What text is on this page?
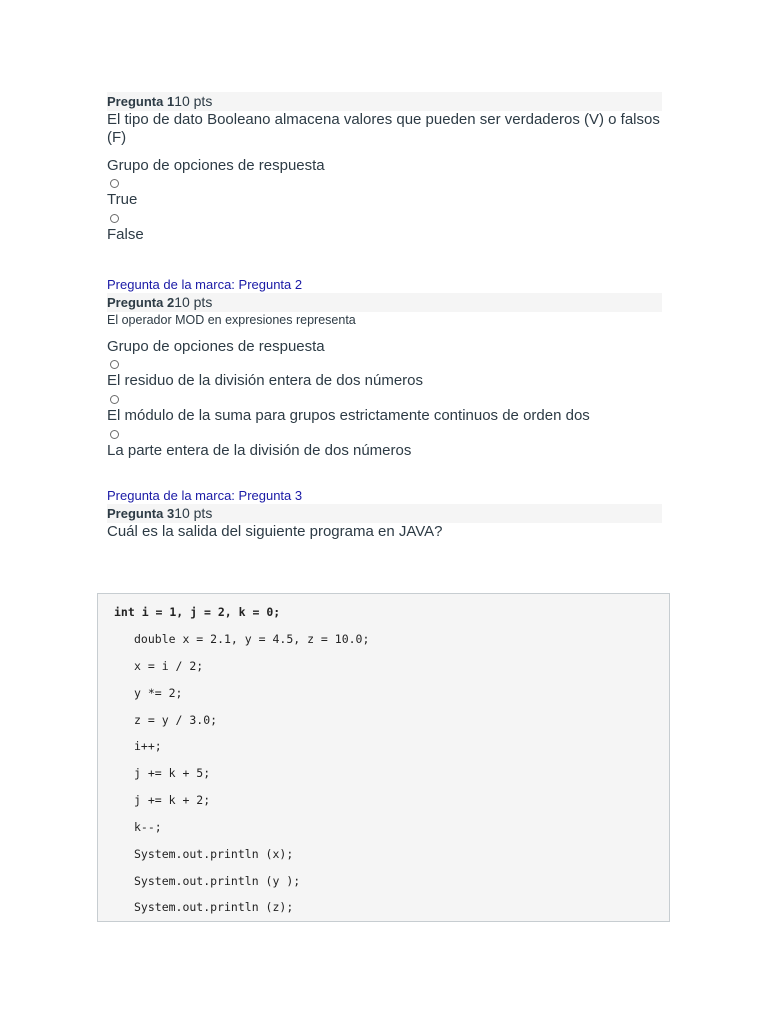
Pregunta 110 pts
El tipo de dato Booleano almacena valores que pueden ser verdaderos (V) o falsos (F)
Grupo de opciones de respuesta
True
False
Pregunta de la marca: Pregunta 2
Pregunta 210 pts
El operador MOD en expresiones representa
Grupo de opciones de respuesta
El residuo de la división entera de dos números
El módulo de la suma para grupos estrictamente continuos de orden dos
La parte entera de la división de dos números
Pregunta de la marca: Pregunta 3
Pregunta 310 pts
Cuál es la salida del siguiente programa en JAVA?
int i = 1, j = 2, k = 0;
double x = 2.1, y = 4.5, z = 10.0;
x = i / 2;
y *= 2;
z = y / 3.0;
i++;
j += k + 5;
j += k + 2;
k--;
System.out.println (x);
System.out.println (y );
System.out.println (z);
